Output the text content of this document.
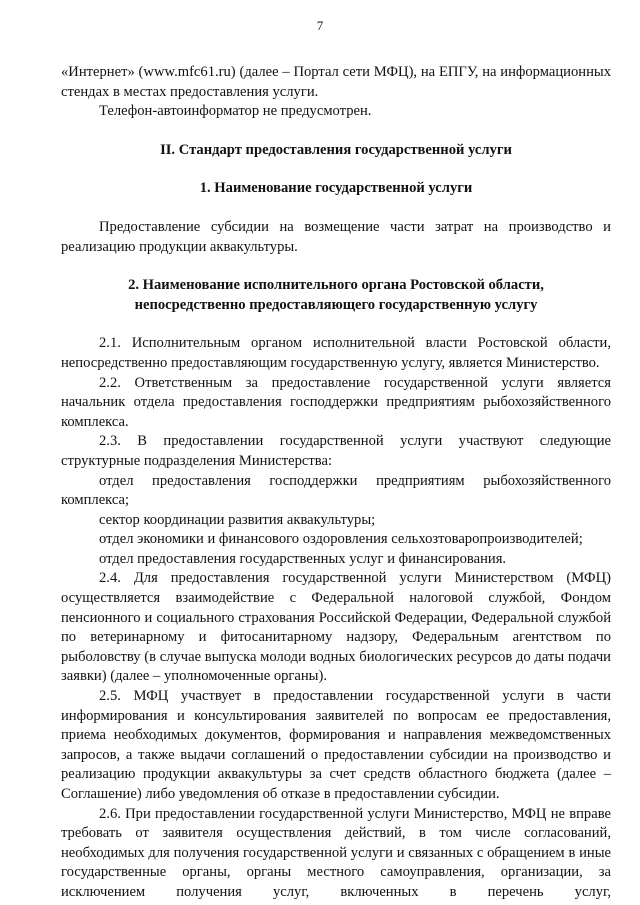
7

«Интернет» (www.mfc61.ru) (далее – Портал сети МФЦ), на ЕПГУ, на информационных стендах в местах предоставления услуги.

Телефон-автоинформатор не предусмотрен.

II. Стандарт предоставления государственной услуги

1. Наименование государственной услуги

Предоставление субсидии на возмещение части затрат на производство и реализацию продукции аквакультуры.

2. Наименование исполнительного органа Ростовской области,

непосредственно предоставляющего государственную услугу

2.1. Исполнительным органом исполнительной власти Ростовской области, непосредственно предоставляющим государственную услугу, является Министерство.

2.2. Ответственным за предоставление государственной услуги является начальник отдела предоставления господдержки предприятиям рыбохозяйственного комплекса.

2.3. В предоставлении государственной услуги участвуют следующие структурные подразделения Министерства:

отдел предоставления господдержки предприятиям рыбохозяйственного комплекса;

сектор координации развития аквакультуры;

отдел экономики и финансового оздоровления сельхозтоваропроизводителей;

отдел предоставления государственных услуг и финансирования.

2.4. Для предоставления государственной услуги Министерством (МФЦ) осуществляется взаимодействие с Федеральной налоговой службой, Фондом пенсионного и социального страхования Российской Федерации, Федеральной службой по ветеринарному и фитосанитарному надзору, Федеральным агентством по рыболовству (в случае выпуска молоди водных биологических ресурсов до даты подачи заявки) (далее – уполномоченные органы).

2.5. МФЦ участвует в предоставлении государственной услуги в части информирования и консультирования заявителей по вопросам ее предоставления, приема необходимых документов, формирования и направления межведомственных запросов, а также выдачи соглашений о предоставлении субсидии на производство и реализацию продукции аквакультуры за счет средств областного бюджета (далее – Соглашение) либо уведомления об отказе в предоставлении субсидии.

2.6. При предоставлении государственной услуги Министерство, МФЦ не вправе требовать от заявителя осуществления действий, в том числе согласований, необходимых для получения государственной услуги и связанных с обращением в иные государственные органы, органы местного самоуправления, организации, за исключением получения услуг, включенных в перечень услуг,
